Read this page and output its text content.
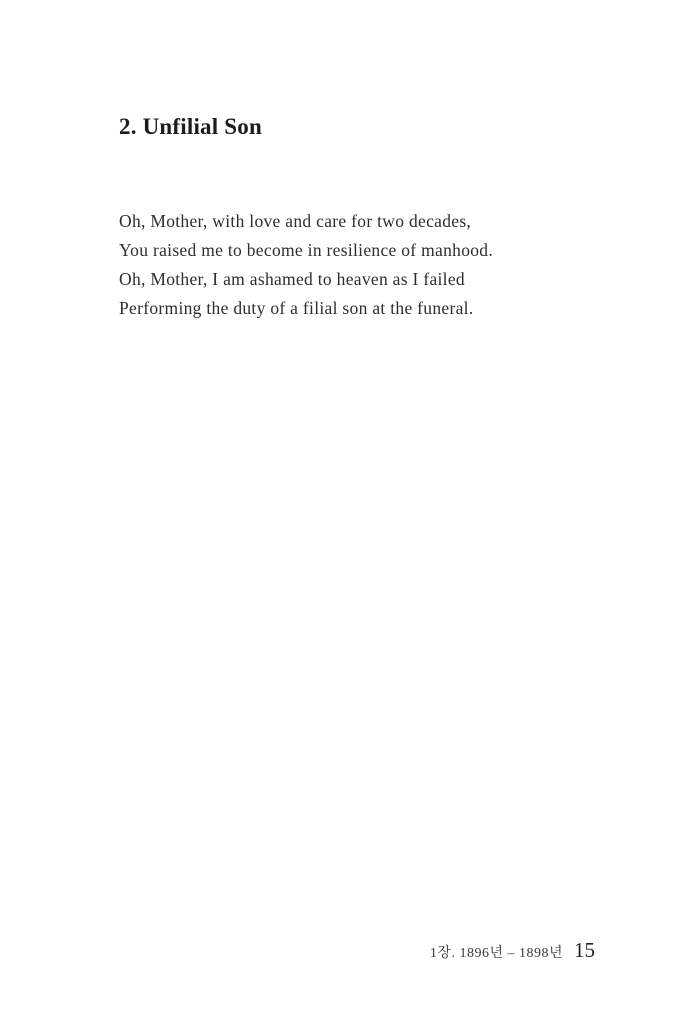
2. Unfilial Son
Oh, Mother, with love and care for two decades,
You raised me to become in resilience of manhood.
Oh, Mother, I am ashamed to heaven as I failed
Performing the duty of a filial son at the funeral.
1장. 1896년 – 1898년 15
